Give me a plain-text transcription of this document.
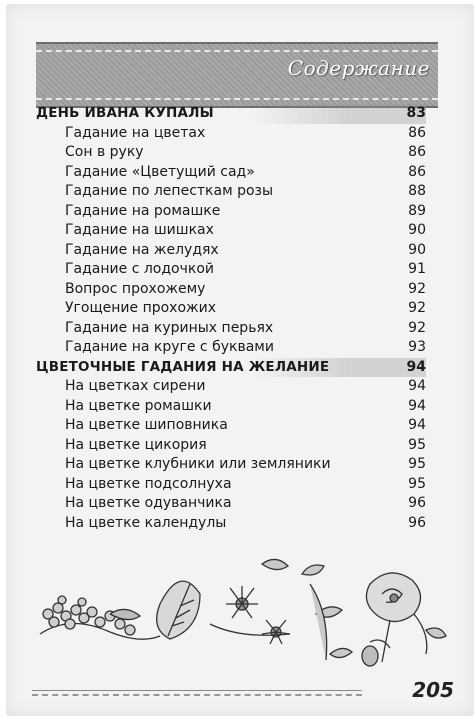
Содержание
ДЕНЬ ИВАНА КУПАЛЫ	83
Гадание на цветах	86
Сон в руку	86
Гадание «Цветущий сад»	86
Гадание по лепесткам розы	88
Гадание на ромашке	89
Гадание на шишках	90
Гадание на желудях	90
Гадание с лодочкой	91
Вопрос прохожему	92
Угощение прохожих	92
Гадание на куриных перьях	92
Гадание на круге с буквами	93
ЦВЕТОЧНЫЕ ГАДАНИЯ НА ЖЕЛАНИЕ	94
На цветках сирени	94
На цветке ромашки	94
На цветке шиповника	94
На цветке цикория	95
На цветке клубники или земляники	95
На цветке подсолнуха	95
На цветке одуванчика	96
На цветке календулы	96
205
